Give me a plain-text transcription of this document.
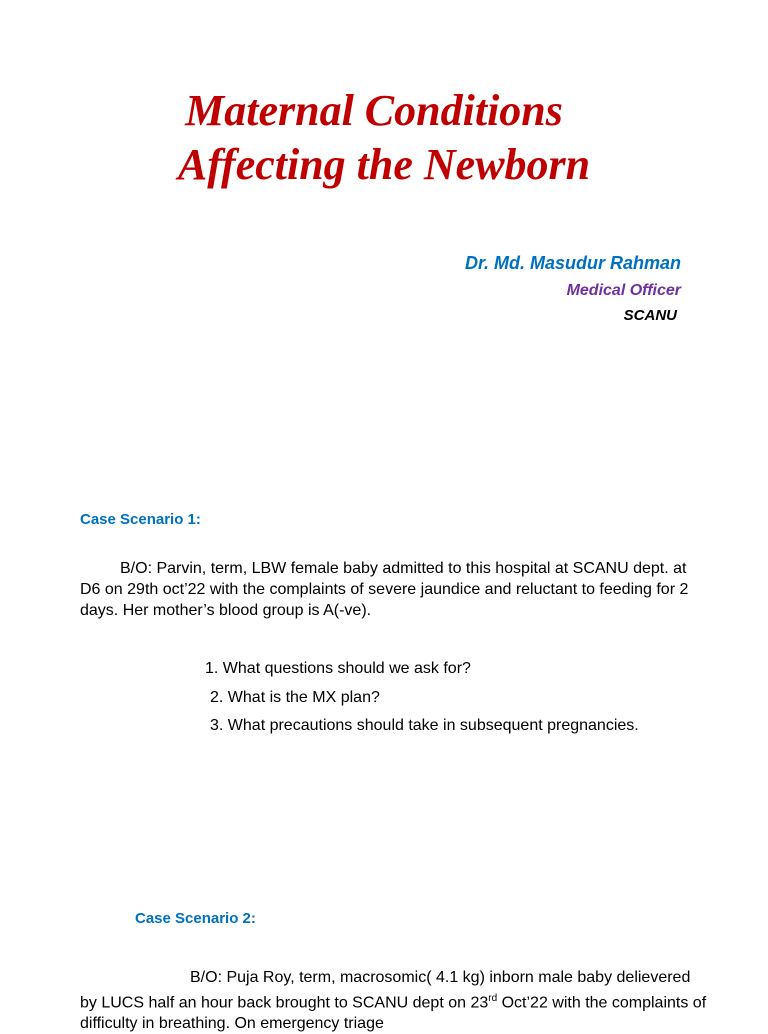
Maternal Conditions
Affecting the Newborn
Dr. Md. Masudur Rahman
Medical Officer
SCANU
Case Scenario 1:

B/O: Parvin, term, LBW female baby admitted to this hospital at SCANU dept. at D6 on 29th oct’22 with the complaints of severe jaundice and reluctant to feeding for 2 days. Her mother’s blood group is A(-ve).

1. What questions should we ask for?
2. What is the MX plan?
3. What precautions should take in subsequent pregnancies.
Case Scenario 2:

B/O: Puja Roy, term, macrosomic( 4.1 kg) inborn male baby delievered by LUCS half an hour back brought to SCANU dept on 23rd Oct’22 with the complaints of difficulty in breathing. On emergency triage
